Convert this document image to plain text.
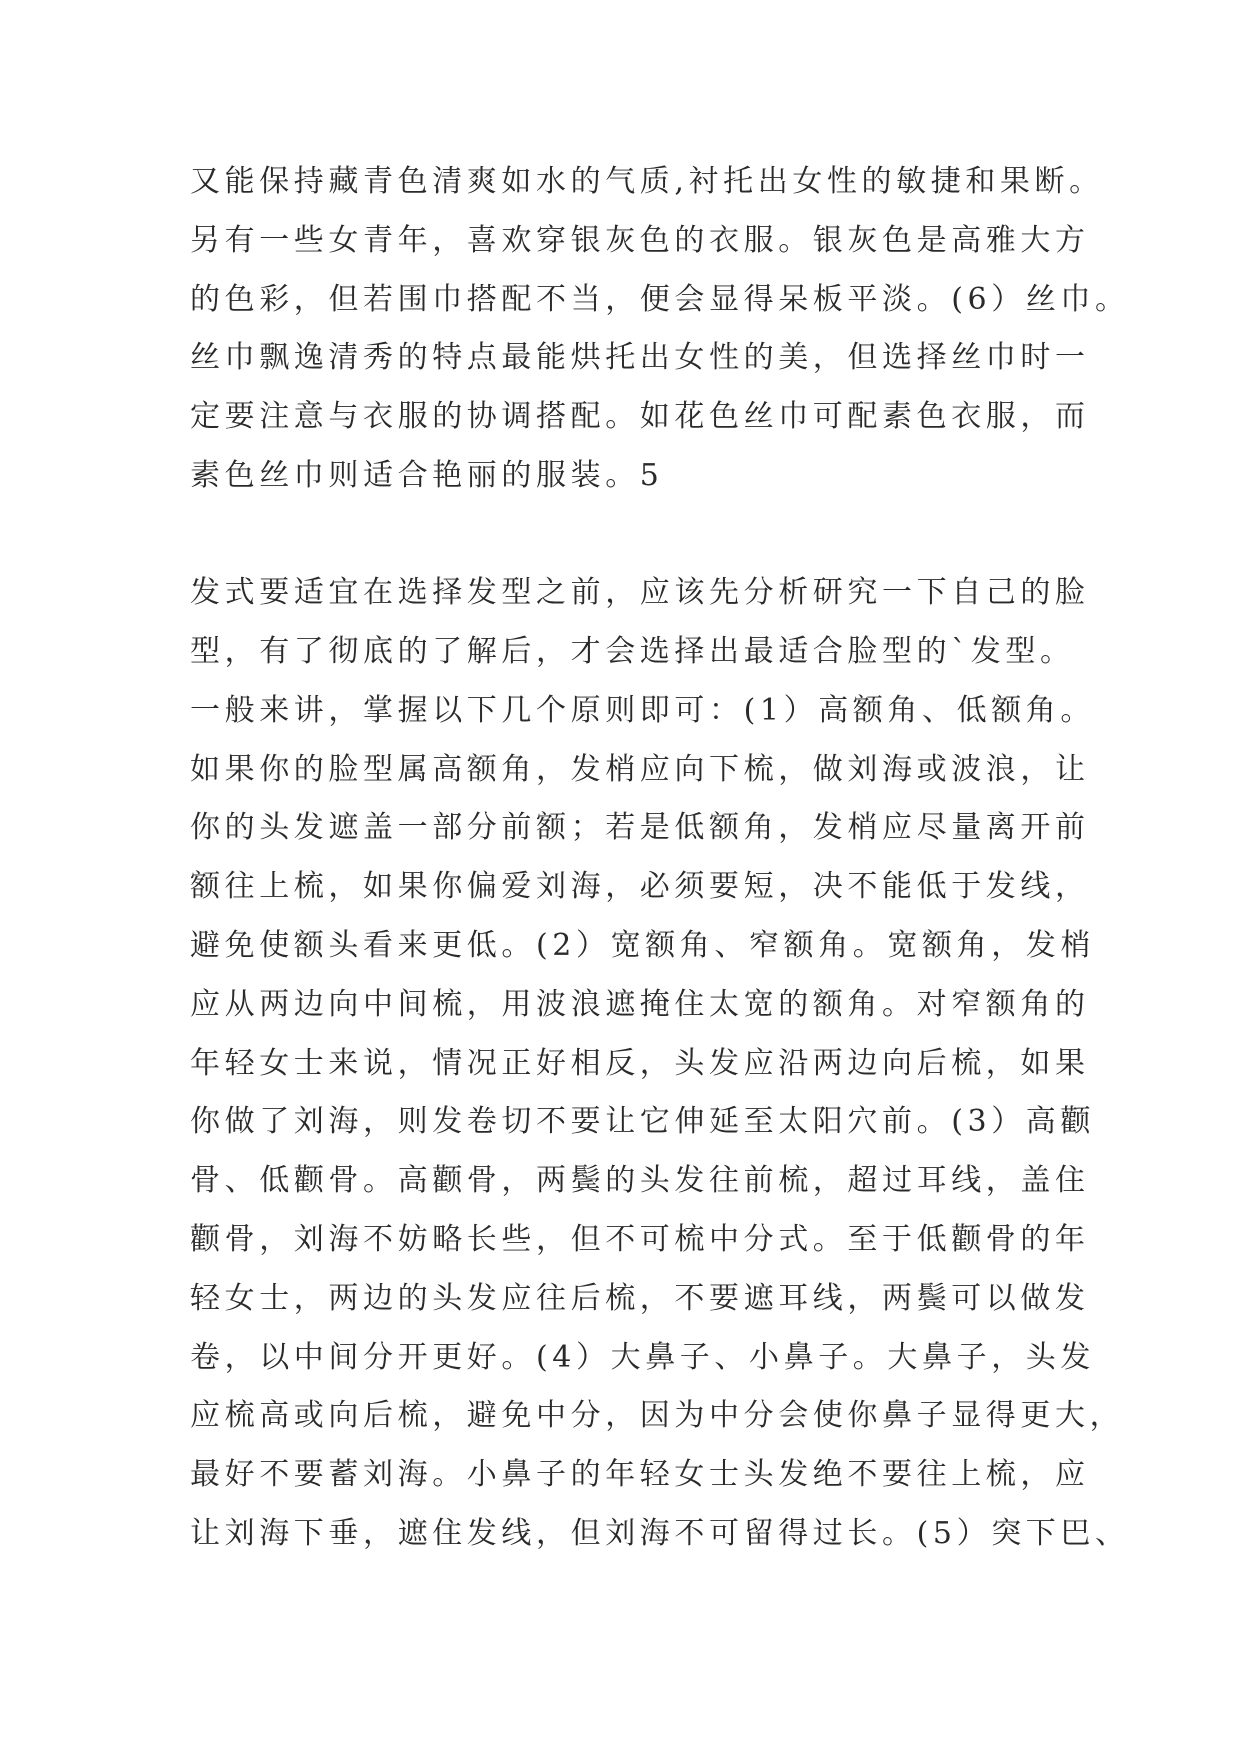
又能保持藏青色清爽如水的气质,衬托出女性的敏捷和果断。
另有一些女青年，喜欢穿银灰色的衣服。银灰色是高雅大方
的色彩，但若围巾搭配不当，便会显得呆板平淡。(6）丝巾。
丝巾飘逸清秀的特点最能烘托出女性的美，但选择丝巾时一
定要注意与衣服的协调搭配。如花色丝巾可配素色衣服，而
素色丝巾则适合艳丽的服装。5
发式要适宜在选择发型之前，应该先分析研究一下自己的脸
型，有了彻底的了解后，才会选择出最适合脸型的`发型。
一般来讲，掌握以下几个原则即可：(1）高额角、低额角。
如果你的脸型属高额角，发梢应向下梳，做刘海或波浪，让
你的头发遮盖一部分前额；若是低额角，发梢应尽量离开前
额往上梳，如果你偏爱刘海，必须要短，决不能低于发线，
避免使额头看来更低。(2）宽额角、窄额角。宽额角，发梢
应从两边向中间梳，用波浪遮掩住太宽的额角。对窄额角的
年轻女士来说，情况正好相反，头发应沿两边向后梳，如果
你做了刘海，则发卷切不要让它伸延至太阳穴前。(3）高颧
骨、低颧骨。高颧骨，两鬓的头发往前梳，超过耳线，盖住
颧骨，刘海不妨略长些，但不可梳中分式。至于低颧骨的年
轻女士，两边的头发应往后梳，不要遮耳线，两鬓可以做发
卷，以中间分开更好。(4）大鼻子、小鼻子。大鼻子，头发
应梳高或向后梳，避免中分，因为中分会使你鼻子显得更大，
最好不要蓄刘海。小鼻子的年轻女士头发绝不要往上梳，应
让刘海下垂，遮住发线，但刘海不可留得过长。(5）突下巴、
